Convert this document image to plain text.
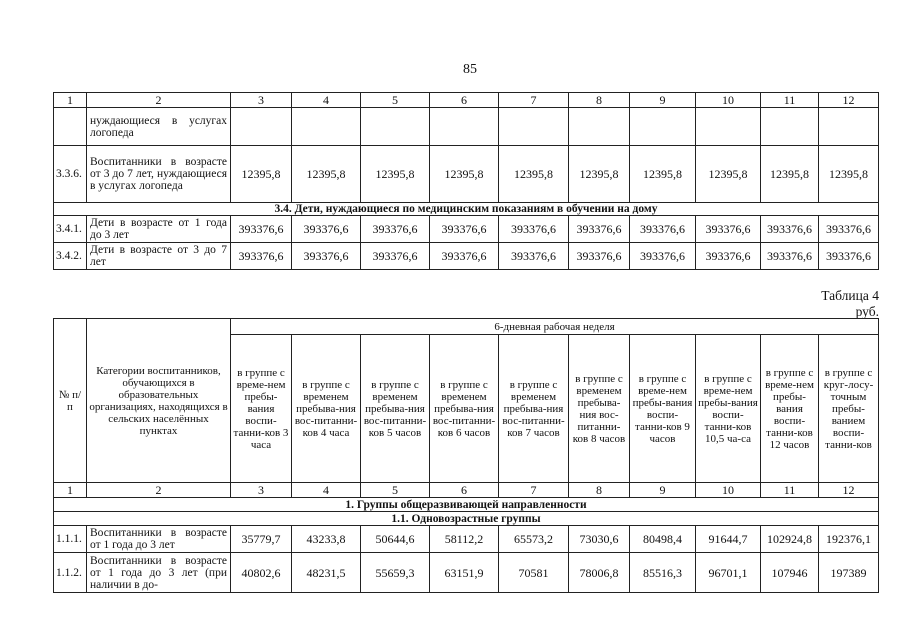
85
1	2	3	4	5	6	7	8	9	10	11	12
	нуждающиеся в услугах логопеда										
3.3.6.	Воспитанники в возрасте от 3 до 7 лет, нуждающиеся в услугах логопеда	12395,8	12395,8	12395,8	12395,8	12395,8	12395,8	12395,8	12395,8	12395,8	12395,8
3.4. Дети, нуждающиеся по медицинским показаниям в обучении на дому											
3.4.1.	Дети в возрасте от 1 года до 3 лет	393376,6	393376,6	393376,6	393376,6	393376,6	393376,6	393376,6	393376,6	393376,6	393376,6
3.4.2.	Дети в возрасте от 3 до 7 лет	393376,6	393376,6	393376,6	393376,6	393376,6	393376,6	393376,6	393376,6	393376,6	393376,6
Таблица 4
руб.
№ п/п	Категории воспитанников, обучающихся в образовательных организациях, находящихся в сельских населённых пунктах	6-дневная рабочая неделя									
		в группе с време-нем пребы-вания воспи-танни-ков 3 часа	в группе с временем пребыва-ния вос-питанни-ков 4 часа	в группе с временем пребыва-ния вос-питанни-ков 5 часов	в группе с временем пребыва-ния вос-питанни-ков 6 часов	в группе с временем пребыва-ния вос-питанни-ков 7 часов	в группе с временем пребыва-ния вос-питанни-ков 8 часов	в группе с време-нем пребы-вания воспи-танни-ков 9 часов	в группе с време-нем пребы-вания воспи-танни-ков 10,5 ча-са	в группе с време-нем пребы-вания воспи-танни-ков 12 часов	в группе с круг-лосу-точным пребы-ванием воспи-танни-ков
1	2	3	4	5	6	7	8	9	10	11	12
1. Группы общеразвивающей направленности											
1.1. Одновозрастные группы											
1.1.1.	Воспитанники в возрасте от 1 года до 3 лет	35779,7	43233,8	50644,6	58112,2	65573,2	73030,6	80498,4	91644,7	102924,8	192376,1
1.1.2.	Воспитанники в возрасте от 1 года до 3 лет (при наличии в до-	40802,6	48231,5	55659,3	63151,9	70581	78006,8	85516,3	96701,1	107946	197389
